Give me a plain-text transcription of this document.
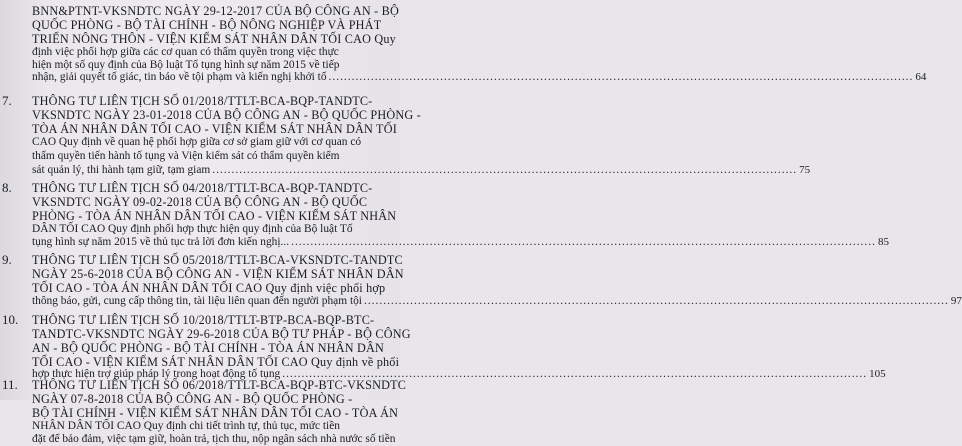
BNN&PTNT-VKSNDTC NGÀY 29-12-2017 CỦA BỘ CÔNG AN - BỘ
QUỐC PHÒNG - BỘ TÀI CHÍNH - BỘ NÔNG NGHIỆP VÀ PHÁT
TRIỂN NÔNG THÔN - VIỆN KIỂM SÁT NHÂN DÂN TỐI CAO Quy
định việc phối hợp giữa các cơ quan có thẩm quyền trong việc thực
hiện một số quy định của Bộ luật Tố tụng hình sự năm 2015 về tiếp
nhận, giải quyết tố giác, tin báo về tội phạm và kiến nghị khởi tố .....	64
7. THÔNG TƯ LIÊN TỊCH SỐ 01/2018/TTLT-BCA-BQP-TANDTC-
VKSNDTC NGÀY 23-01-2018 CỦA BỘ CÔNG AN - BỘ QUỐC PHÒNG -
TÒA ÁN NHÂN DÂN TỐI CAO - VIỆN KIỂM SÁT NHÂN DÂN TỐI
CAO Quy định về quan hệ phối hợp giữa cơ sở giam giữ với cơ quan có
thẩm quyền tiến hành tố tụng và Viện kiểm sát có thẩm quyền kiểm
sát quản lý, thi hành tạm giữ, tạm giam .....	75
8. THÔNG TƯ LIÊN TỊCH SỐ 04/2018/TTLT-BCA-BQP-TANDTC-
VKSNDTC NGÀY 09-02-2018 CỦA BỘ CÔNG AN - BỘ QUỐC
PHÒNG - TÒA ÁN NHÂN DÂN TỐI CAO - VIỆN KIỂM SÁT NHÂN
DÂN TỐI CAO Quy định phối hợp thực hiện quy định của Bộ luật Tố
tụng hình sự năm 2015 về thủ tục trả lời đơn kiến nghị... .....	85
9. THÔNG TƯ LIÊN TỊCH SỐ 05/2018/TTLT-BCA-VKSNDTC-TANDTC
NGÀY 25-6-2018 CỦA BỘ CÔNG AN - VIỆN KIỂM SÁT NHÂN DÂN
TỐI CAO - TÒA ÁN NHÂN DÂN TỐI CAO Quy định việc phối hợp
thông báo, gửi, cung cấp thông tin, tài liệu liên quan đến người phạm tội .....	97
10. THÔNG TƯ LIÊN TỊCH SỐ 10/2018/TTLT-BTP-BCA-BQP-BTC-
TANDTC-VKSNDTC NGÀY 29-6-2018 CỦA BỘ TƯ PHÁP - BỘ CÔNG
AN - BỘ QUỐC PHÒNG - BỘ TÀI CHÍNH - TÒA ÁN NHÂN DÂN
TỐI CAO - VIỆN KIỂM SÁT NHÂN DÂN TỐI CAO Quy định về phối
hợp thực hiện trợ giúp pháp lý trong hoạt động tố tụng .....	105
11. THÔNG TƯ LIÊN TỊCH SỐ 06/2018/TTLT-BCA-BQP-BTC-VKSNDTC
NGÀY 07-8-2018 CỦA BỘ CÔNG AN - BỘ QUỐC PHÒNG -
BỘ TÀI CHÍNH - VIỆN KIỂM SÁT NHÂN DÂN TỐI CAO - TÒA ÁN
NHÂN DÂN TỐI CAO Quy định chi tiết trình tự, thủ tục, mức tiền
đặt để bảo đảm, việc tạm giữ, hoàn trả, tịch thu, nộp ngân sách nhà nước số tiền
